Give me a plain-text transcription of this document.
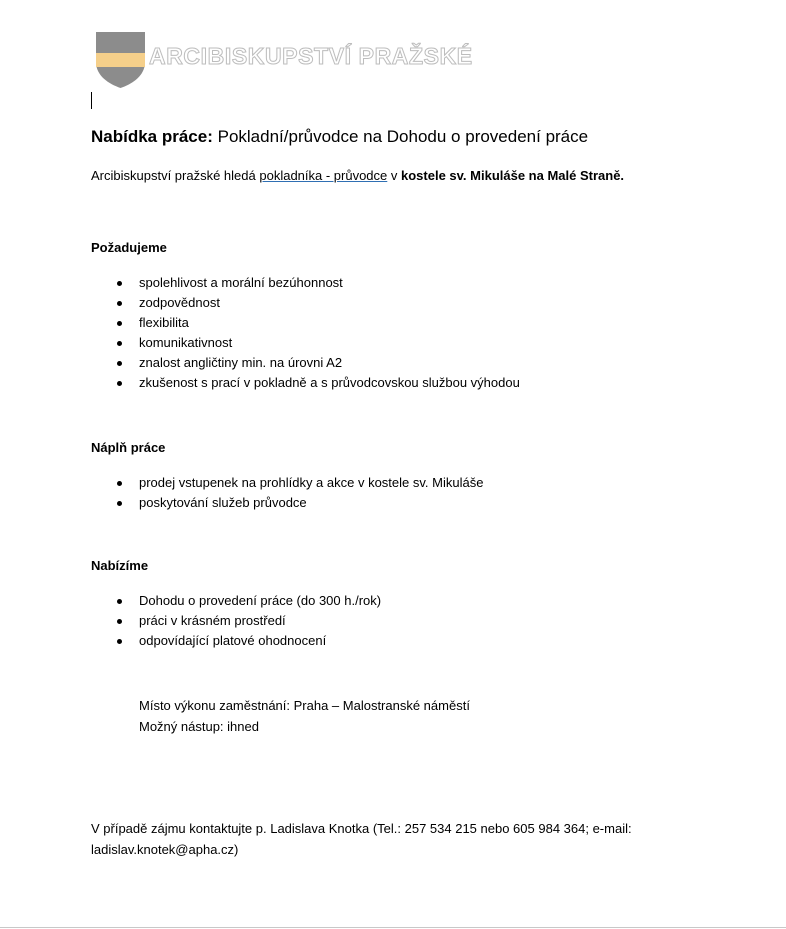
ARCIBISKUPSTVÍ PRAŽSKÉ
Nabídka práce: Pokladní/průvodce na Dohodu o provedení práce
Arcibiskupství pražské hledá pokladníka - průvodce v kostele sv. Mikuláše na Malé Straně.
Požadujeme
spolehlivost a morální bezúhonnost
zodpovědnost
flexibilita
komunikativnost
znalost angličtiny min. na úrovni A2
zkušenost s prací v pokladně a s průvodcovskou službou výhodou
Náplň práce
prodej vstupenek na prohlídky a akce v kostele sv. Mikuláše
poskytování služeb průvodce
Nabízíme
Dohodu o provedení práce (do 300 h./rok)
práci v krásném prostředí
odpovídající platové ohodnocení
Místo výkonu zaměstnání: Praha – Malostranské náměstí
Možný nástup: ihned
V případě zájmu kontaktujte p. Ladislava Knotka (Tel.: 257 534 215 nebo 605 984 364; e-mail: ladislav.knotek@apha.cz)
